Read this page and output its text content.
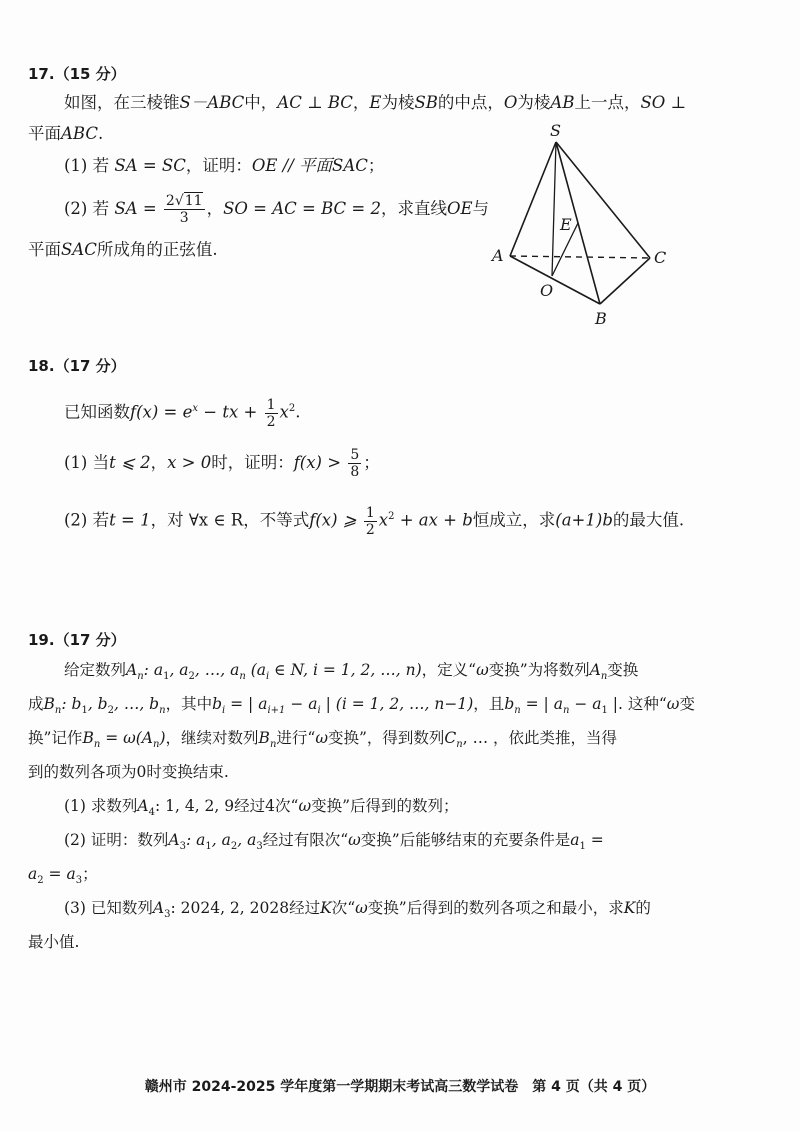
17.（15 分）
如图，在三棱锥S－ABC中，AC ⊥ BC，E为棱SB的中点，O为棱AB上一点，SO ⊥
平面ABC.
(1) 若 SA = SC，证明：OE // 平面SAC；
(2) 若 SA = $\frac{2√11}{3}$ ，SO = AC = BC = 2，求直线OE与
平面SAC所成角的正弦值.
S
A	C
B
E
O
18.（17 分）
已知函数$f(x) = e^x$ − tx + $\frac{1}{2} x^2$.
(1) 当t ⩽ 2，x > 0时，证明：$f(x) > \frac{5}{8}$ ；
(2) 若t = 1，对 ∀x ∈ R，不等式f(x) ⩾ $\frac{1}{2} x^2$ + ax + b恒成立，求(a+1)b的最大值.
19.（17 分）
给定数列$A_n$: $a_1$, $a_2$, …, $a_n$ ($a_i$ ∈ N, i = 1, 2, …, n)，定义“ω变换”为将数列$A_n$变换
成$B_n$: $b_1$, $b_2$, …, $b_n$，其中$b_i$ = | $a_{i+1} - a_i$ | (i = 1, 2, …, n−1)，且$b_n$ = | $a_n - a_1$ |. 这种“ω变
换”记作$B_n = \omega(A_n)$，继续对数列$B_n$进行“ω变换”，得到数列$C_n$, … ，依此类推，当得
到的数列各项为0时变换结束.
(1) 求数列$A_4$: 1, 4, 2, 9经过4次“ω变换”后得到的数列；
(2) 证明：数列$A_3$: $a_1$, $a_2$, $a_3$经过有限次“ω变换”后能够结束的充要条件是$a_1$ =
$a_2 = a_3$；
(3) 已知数列$A_3$: 2024, 2, 2028经过K次“ω变换”后得到的数列各项之和最小，求K的
最小值.
赣州市 2024-2025 学年度第一学期期末考试高三数学试卷　第 4 页（共 4 页）
